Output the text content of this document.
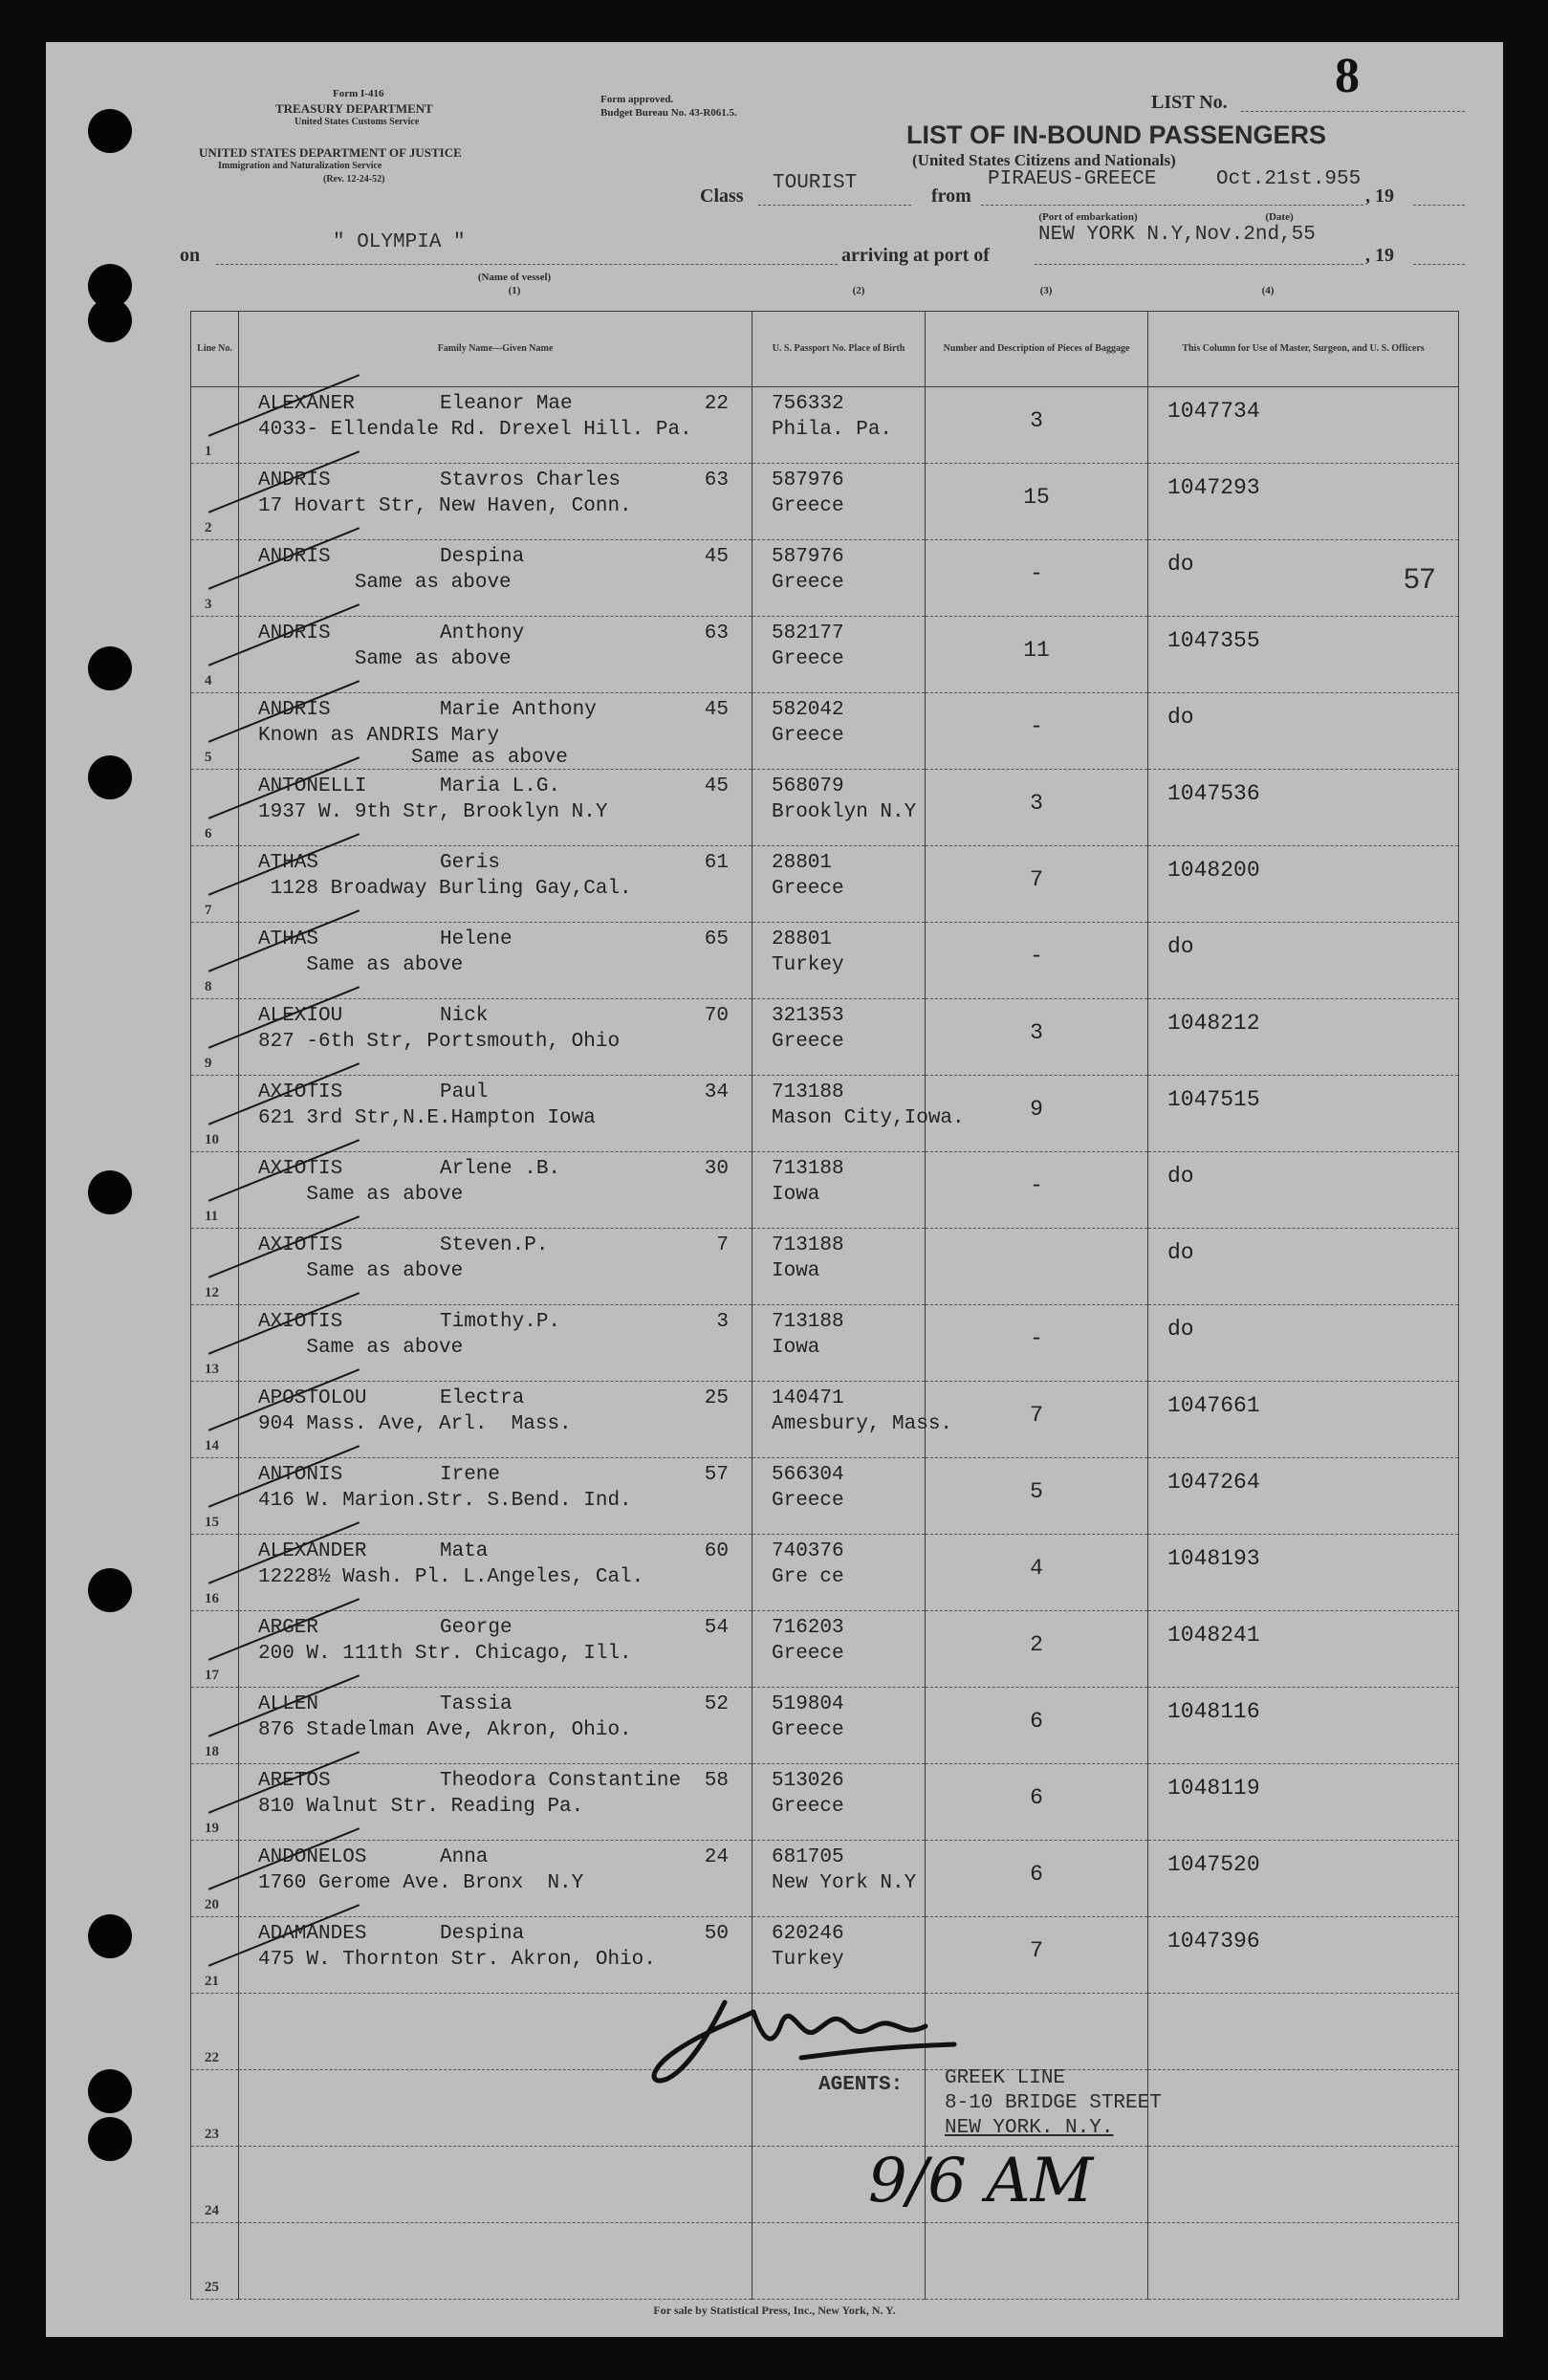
Form I-416
TREASURY DEPARTMENT
United States Customs Service
UNITED STATES DEPARTMENT OF JUSTICE
Immigration and Naturalization Service
(Rev. 12-24-52)
Form approved.
Budget Bureau No. 43-R061.5.	LIST No. 8
LIST OF IN-BOUND PASSENGERS
(United States Citizens and Nationals)
Class
TOURIST
from
PIRAEUS-GREECE	Oct.21st.955
, 19
(Port of embarkation)	(Date)
on
" OLYMPIA "
arriving at port of
NEW YORK N.Y,Nov.2nd,55
, 19
(Name of vessel)
(1)	(2)	(3)	(4)
Line No.	Family Name—Given Name	U. S. Passport No. Place of Birth	Number and Description of Pieces of Baggage	This Column for Use of Master, Surgeon, and U. S. Officers

1	ALEXANER Eleanor Mae 22
4033- Ellendale Rd. Drexel Hill. Pa.	756332
Phila. Pa.	3	1047734

2	ANDRIS Stavros Charles 63
17 Hovart Str, New Haven, Conn.	587976
Greece	15	1047293

3	ANDRIS Despina 45
Same as above	587976
Greece	-	do

4	ANDRIS Anthony 63
Same as above	582177
Greece	11	1047355

5	ANDRIS Marie Anthony 45
Known as ANDRIS Mary
Same as above	582042
Greece	-	do

6	ANTONELLI Maria L.G. 45
1937 W. 9th Str, Brooklyn N.Y	568079
Brooklyn N.Y	3	1047536

7	ATHAS Geris 61
1128 Broadway Burling Gay,Cal.	28801
Greece	7	1048200

8	ATHAS Helene 65
Same as above	28801
Turkey	-	do

9	ALEXIOU Nick 70
827 -6th Str, Portsmouth, Ohio	321353
Greece	3	1048212

10	AXIOTIS Paul 34
621 3rd Str,N.E.Hampton Iowa	713188
Mason City,Iowa.	9	1047515

11	AXIOTIS Arlene .B. 30
Same as above	713188
Iowa	-	do

12	AXIOTIS Steven.P. 7
Same as above	713188
Iowa		do

13	AXIOTIS Timothy.P. 3
Same as above	713188
Iowa	-	do

14	APOSTOLOU Electra 25
904 Mass. Ave, Arl.  Mass.	140471
Amesbury, Mass.	7	1047661

15	ANTONIS Irene 57
416 W. Marion.Str. S.Bend. Ind.	566304
Greece	5	1047264

16	ALEXANDER Mata 60
12228½ Wash. Pl. L.Angeles, Cal.	740376
Gre ce	4	1048193

17	ARGER George 54
200 W. 111th Str. Chicago, Ill.	716203
Greece	2	1048241

18	ALLEN Tassia 52
876 Stadelman Ave, Akron, Ohio.	519804
Greece	6	1048116

19	ARETOS Theodora Constantine 58
810 Walnut Str. Reading Pa.	513026
Greece	6	1048119

20	ANDONELOS Anna 24
1760 Gerome Ave. Bronx  N.Y	681705
New York N.Y	6	1047520

21	ADAMANDES Despina 50
475 W. Thornton Str. Akron, Ohio.	620246
Turkey	7	1047396

22				

23				

24				

25				

57
AGENTS: GREEK LINE
8-10 BRIDGE STREET
NEW YORK. N.Y.
9/6 AM
For sale by Statistical Press, Inc., New York, N. Y.
